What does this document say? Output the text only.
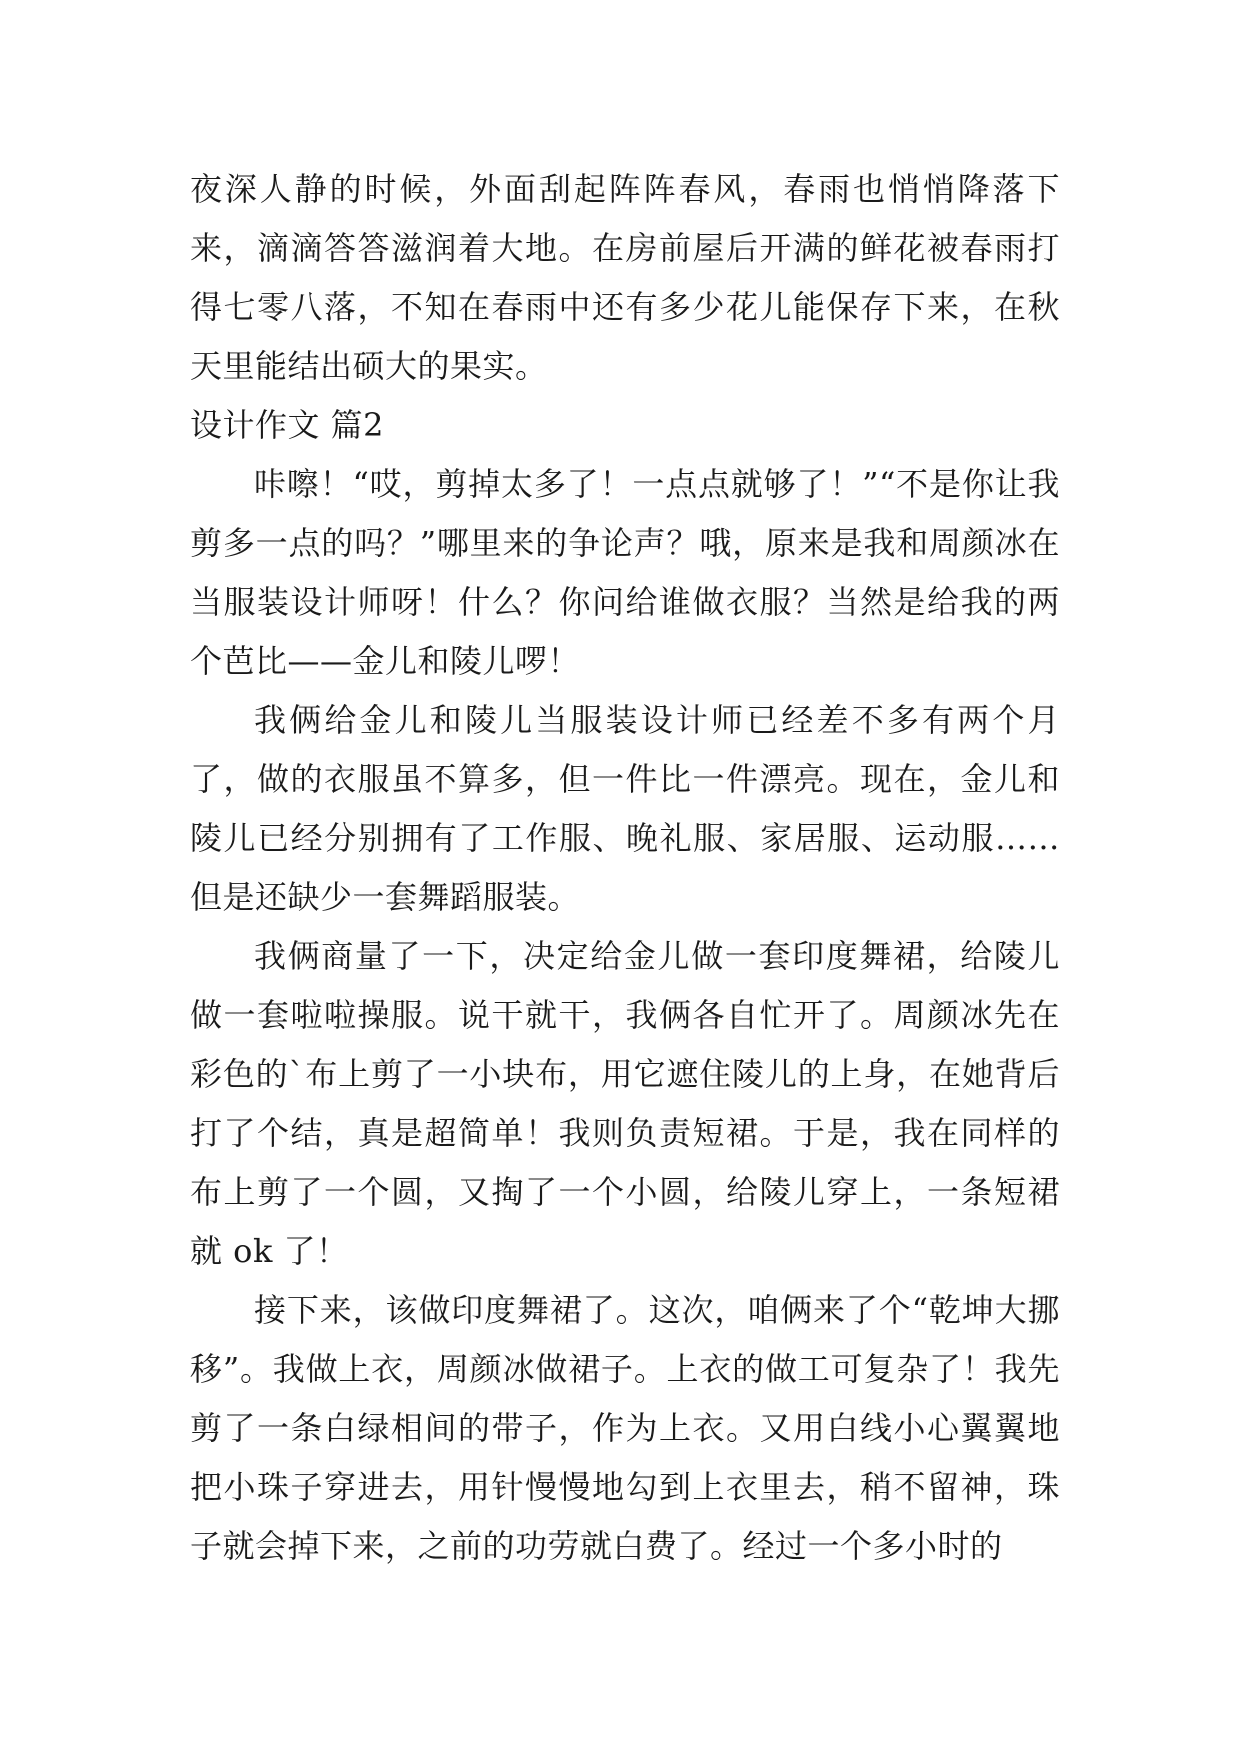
夜深人静的时候，外面刮起阵阵春风，春雨也悄悄降落下来，滴滴答答滋润着大地。在房前屋后开满的鲜花被春雨打得七零八落，不知在春雨中还有多少花儿能保存下来，在秋天里能结出硕大的果实。

设计作文 篇2

咔嚓！“哎，剪掉太多了！一点点就够了！”“不是你让我剪多一点的吗？”哪里来的争论声？哦，原来是我和周颜冰在当服装设计师呀！什么？你问给谁做衣服？当然是给我的两个芭比——金儿和陵儿啰！

我俩给金儿和陵儿当服装设计师已经差不多有两个月了，做的衣服虽不算多，但一件比一件漂亮。现在，金儿和陵儿已经分别拥有了工作服、晚礼服、家居服、运动服……但是还缺少一套舞蹈服装。

我俩商量了一下，决定给金儿做一套印度舞裙，给陵儿做一套啦啦操服。说干就干，我俩各自忙开了。周颜冰先在彩色的`布上剪了一小块布，用它遮住陵儿的上身，在她背后打了个结，真是超简单！我则负责短裙。于是，我在同样的布上剪了一个圆，又掏了一个小圆，给陵儿穿上，一条短裙就 ok 了！

接下来，该做印度舞裙了。这次，咱俩来了个“乾坤大挪移”。我做上衣，周颜冰做裙子。上衣的做工可复杂了！我先剪了一条白绿相间的带子，作为上衣。又用白线小心翼翼地把小珠子穿进去，用针慢慢地勾到上衣里去，稍不留神，珠子就会掉下来，之前的功劳就白费了。经过一个多小时的
